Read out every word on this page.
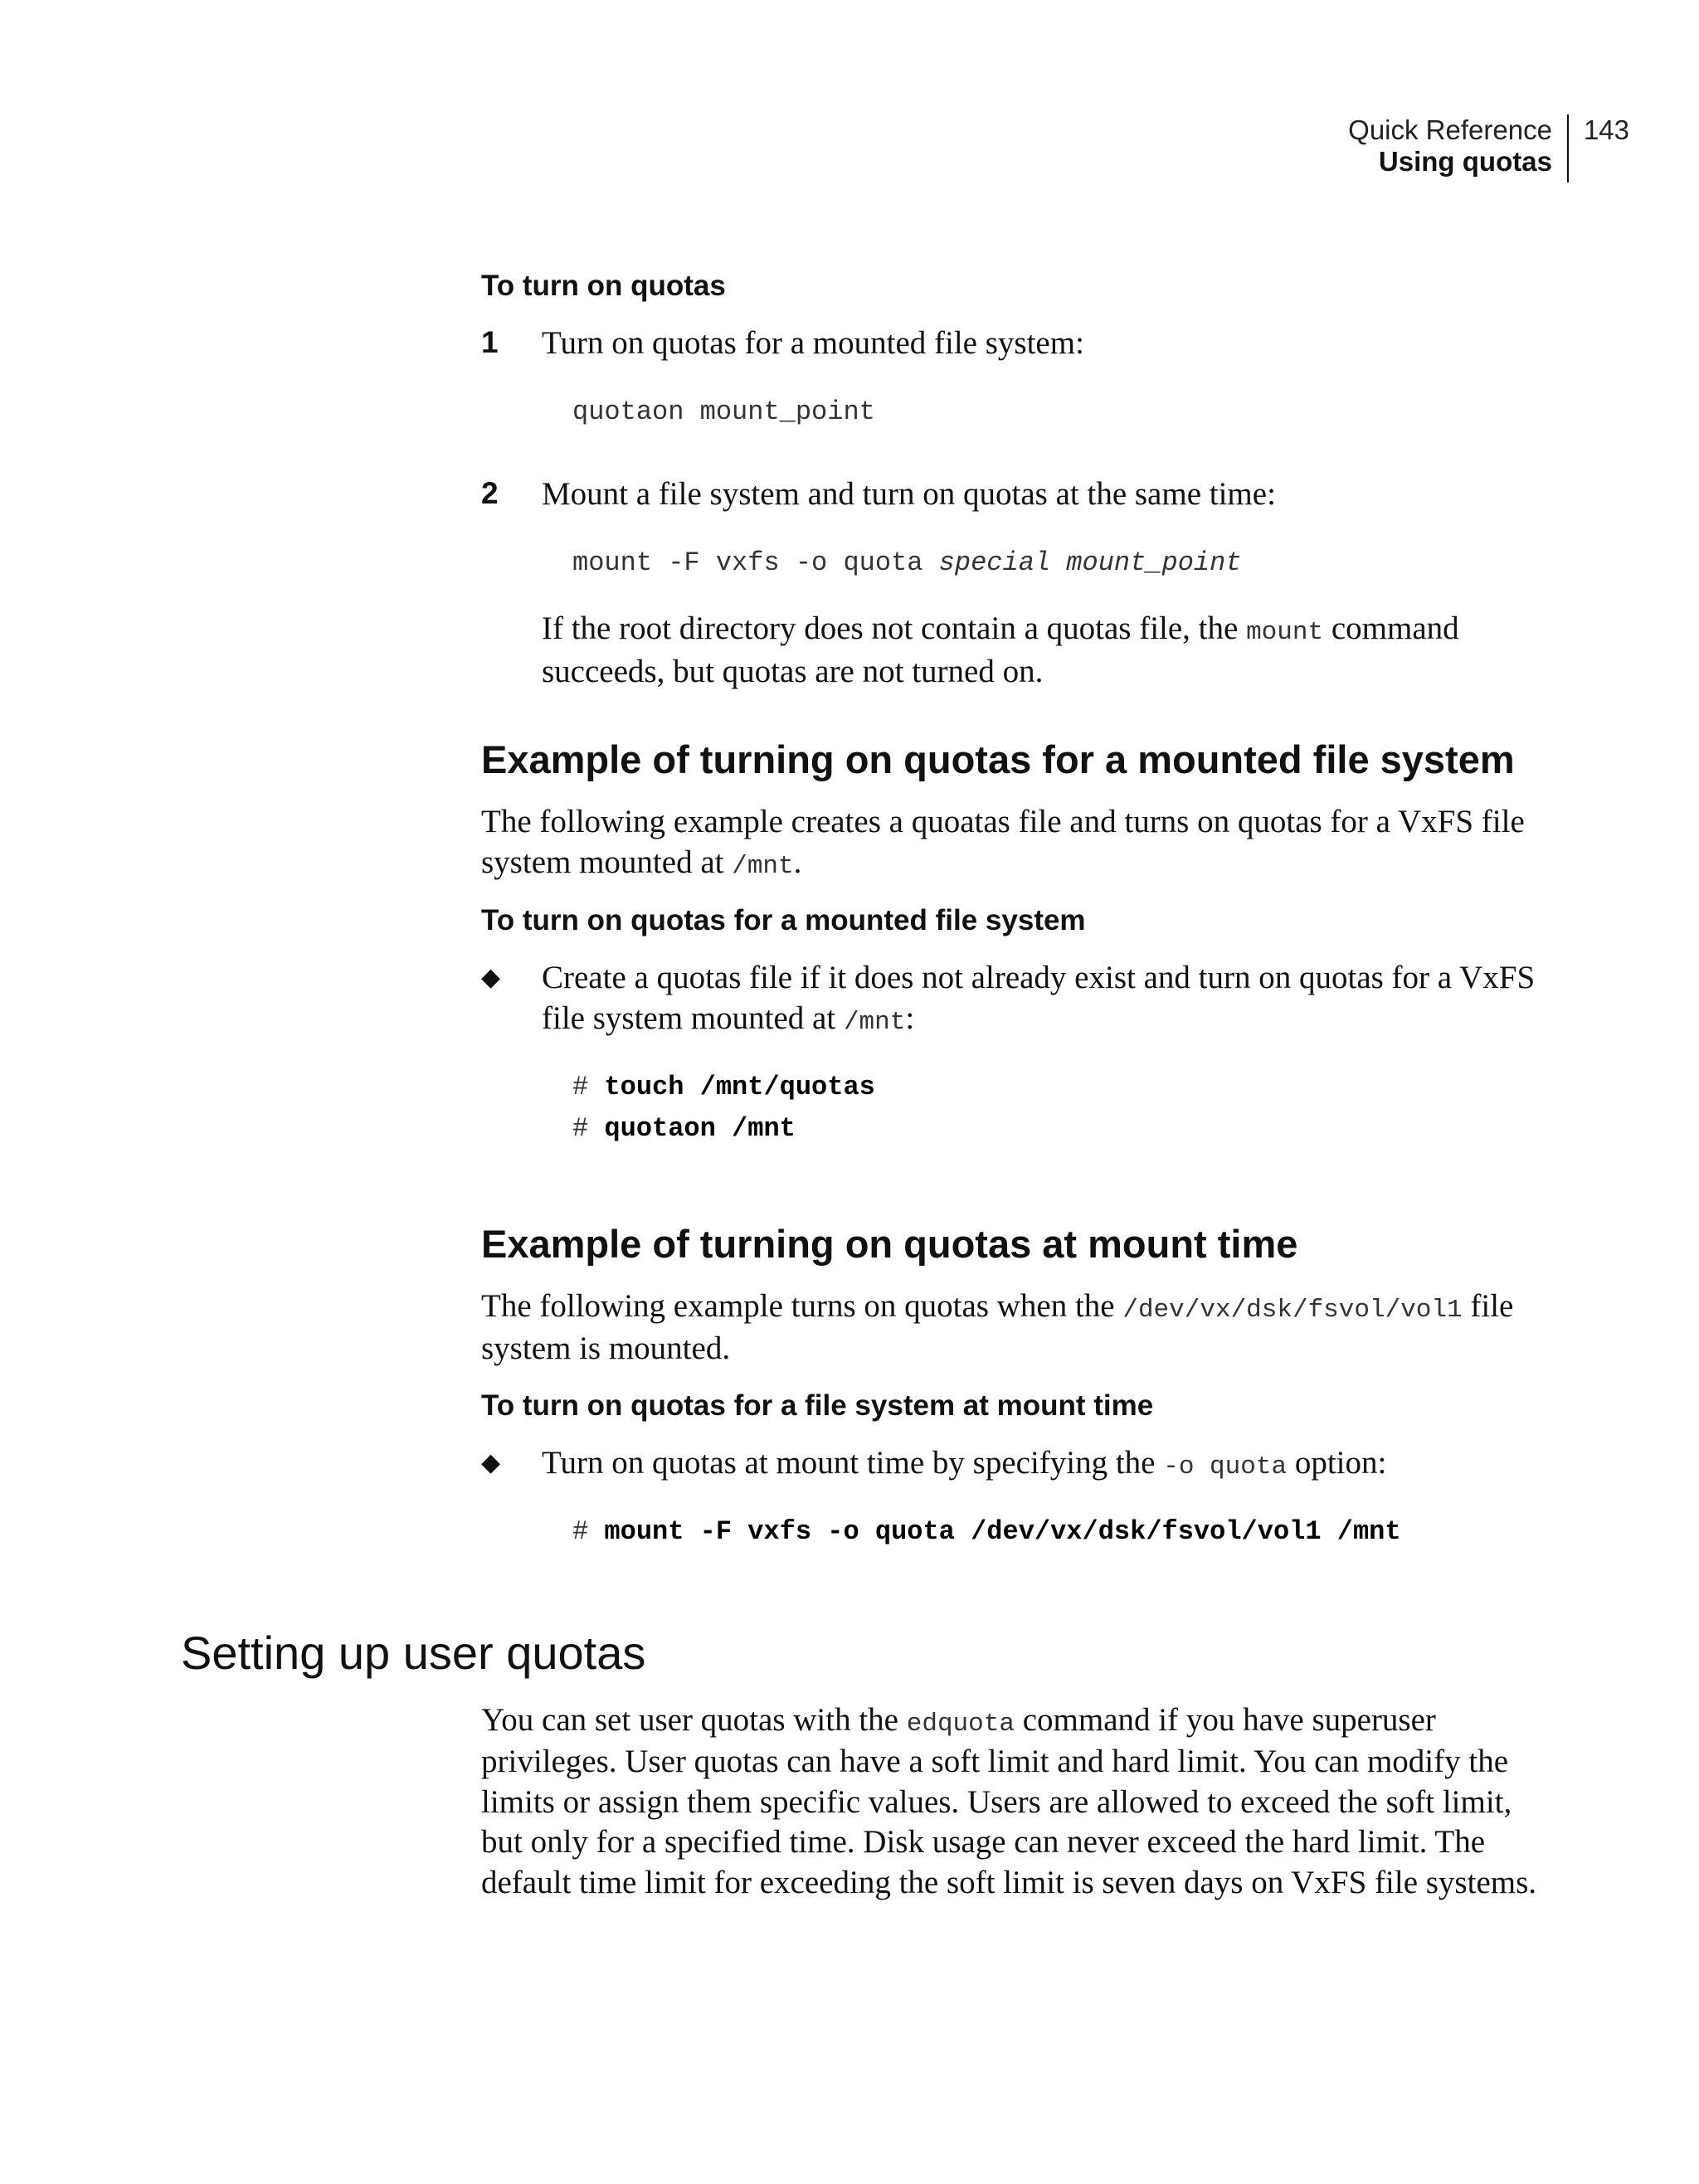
Quick Reference
Using quotas
143
To turn on quotas
1 Turn on quotas for a mounted file system:
quotaon mount_point
2 Mount a file system and turn on quotas at the same time:
mount -F vxfs -o quota special mount_point
If the root directory does not contain a quotas file, the mount command
succeeds, but quotas are not turned on.
Example of turning on quotas for a mounted file system
The following example creates a quoatas file and turns on quotas for a VxFS file
system mounted at /mnt.
To turn on quotas for a mounted file system
◆ Create a quotas file if it does not already exist and turn on quotas for a VxFS
file system mounted at /mnt:
# touch /mnt/quotas
# quotaon /mnt
Example of turning on quotas at mount time
The following example turns on quotas when the /dev/vx/dsk/fsvol/vol1 file
system is mounted.
To turn on quotas for a file system at mount time
◆ Turn on quotas at mount time by specifying the -o quota option:
# mount -F vxfs -o quota /dev/vx/dsk/fsvol/vol1 /mnt
Setting up user quotas
You can set user quotas with the edquota command if you have superuser
privileges. User quotas can have a soft limit and hard limit. You can modify the
limits or assign them specific values. Users are allowed to exceed the soft limit,
but only for a specified time. Disk usage can never exceed the hard limit. The
default time limit for exceeding the soft limit is seven days on VxFS file systems.
